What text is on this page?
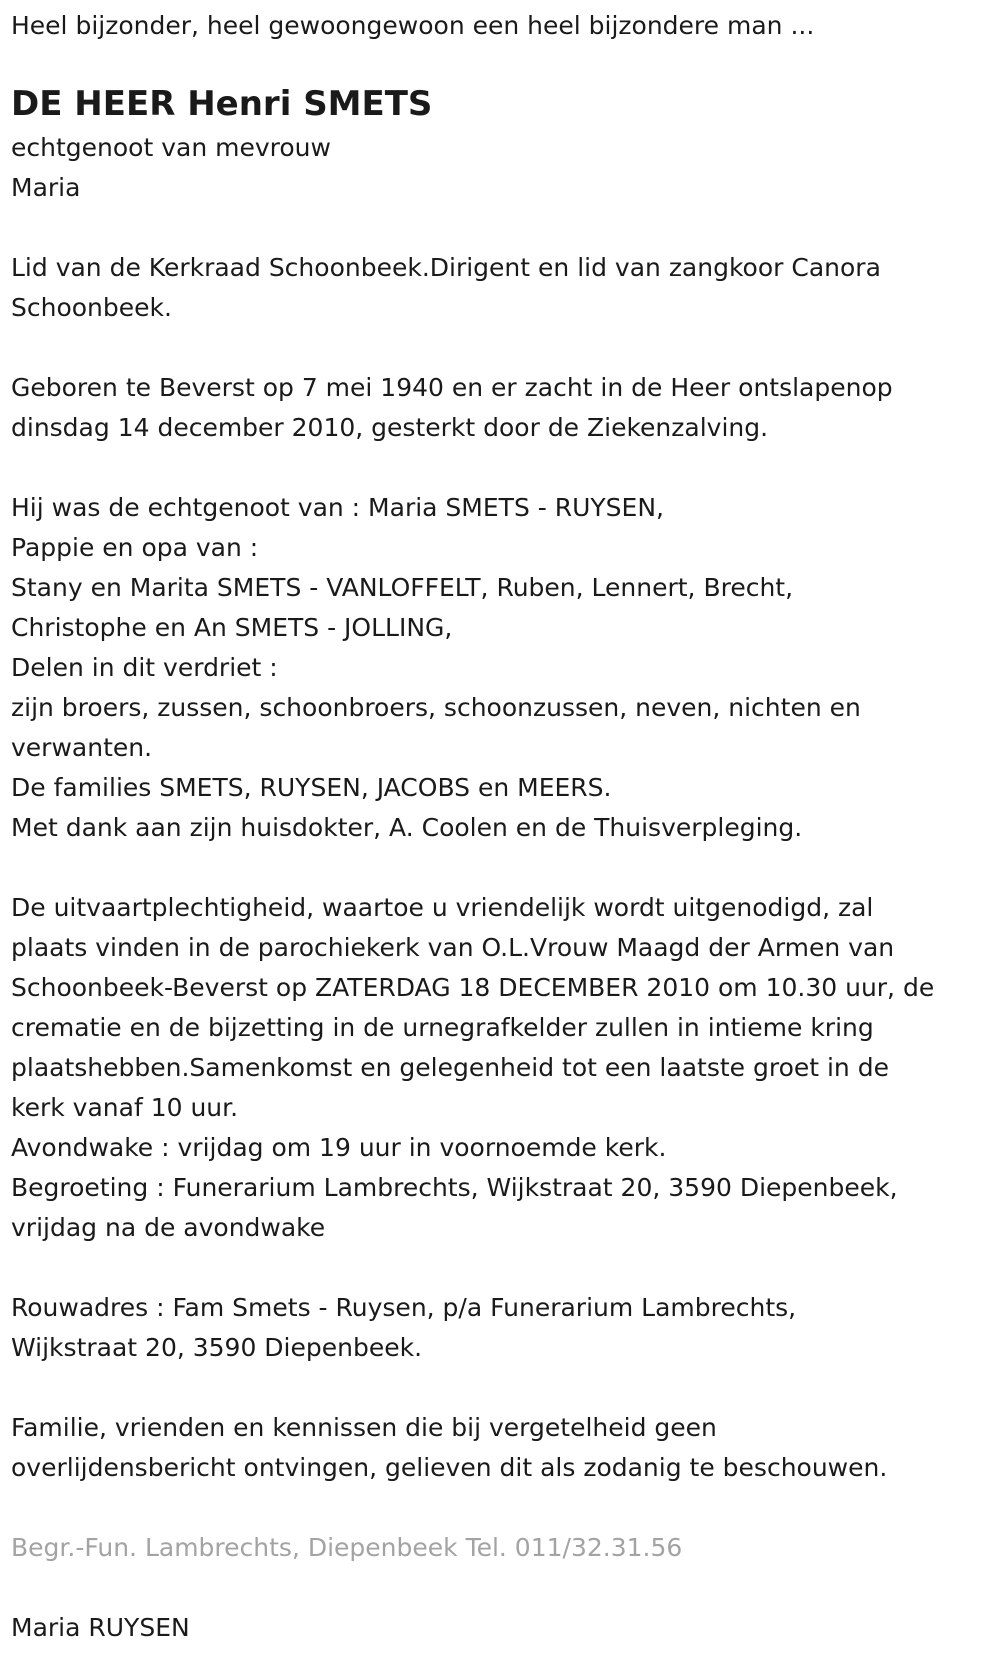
Heel bijzonder, heel gewoongewoon een heel bijzondere man ...
DE HEER Henri SMETS
echtgenoot van mevrouw
Maria
Lid van de Kerkraad Schoonbeek.Dirigent en lid van zangkoor Canora
Schoonbeek.
Geboren te Beverst op 7 mei 1940 en er zacht in de Heer ontslapenop
dinsdag 14 december 2010, gesterkt door de Ziekenzalving.
Hij was de echtgenoot van : Maria SMETS - RUYSEN,
Pappie en opa van :
Stany en Marita SMETS - VANLOFFELT, Ruben, Lennert, Brecht,
Christophe en An SMETS - JOLLING,
Delen in dit verdriet :
zijn broers, zussen, schoonbroers, schoonzussen, neven, nichten en
verwanten.
De families SMETS, RUYSEN, JACOBS en MEERS.
Met dank aan zijn huisdokter, A. Coolen en de Thuisverpleging.
De uitvaartplechtigheid, waartoe u vriendelijk wordt uitgenodigd, zal
plaats vinden in de parochiekerk van O.L.Vrouw Maagd der Armen van
Schoonbeek-Beverst op ZATERDAG 18 DECEMBER 2010 om 10.30 uur, de
crematie en de bijzetting in de urnegrafkelder zullen in intieme kring
plaatshebben.Samenkomst en gelegenheid tot een laatste groet in de
kerk vanaf 10 uur.
Avondwake : vrijdag om 19 uur in voornoemde kerk.
Begroeting : Funerarium Lambrechts, Wijkstraat 20, 3590 Diepenbeek,
vrijdag na de avondwake
Rouwadres : Fam Smets - Ruysen, p/a Funerarium Lambrechts,
Wijkstraat 20, 3590 Diepenbeek.
Familie, vrienden en kennissen die bij vergetelheid geen
overlijdensbericht ontvingen, gelieven dit als zodanig te beschouwen.
Begr.-Fun. Lambrechts, Diepenbeek Tel. 011/32.31.56
Maria RUYSEN
